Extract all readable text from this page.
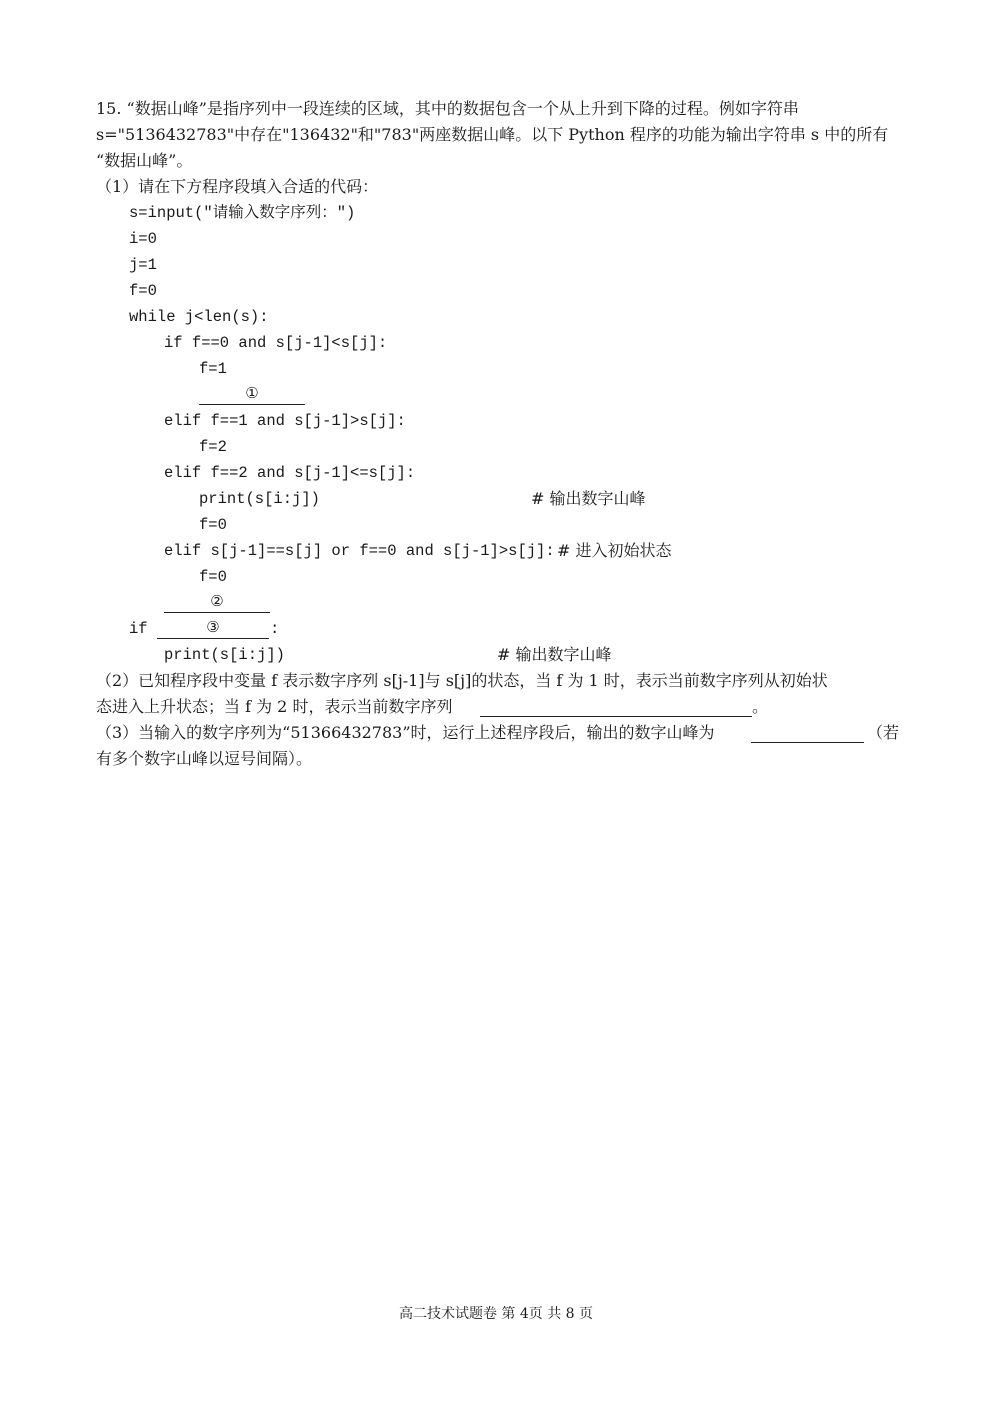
15. “数据山峰”是指序列中一段连续的区域，其中的数据包含一个从上升到下降的过程。例如字符串
s="5136432783"中存在"136432"和"783"两座数据山峰。以下 Python 程序的功能为输出字符串 s 中的所有
“数据山峰”。
（1）请在下方程序段填入合适的代码：
s=input("请输入数字序列：")
i=0
j=1
f=0
while j<len(s):
if f==0 and s[j-1]<s[j]:
f=1
①
elif f==1 and s[j-1]>s[j]:
f=2
elif f==2 and s[j-1]<=s[j]:
print(s[i:j])	# 输出数字山峰
f=0
elif s[j-1]==s[j] or f==0 and s[j-1]>s[j]: # 进入初始状态
f=0
②
if	③	:
print(s[i:j])	# 输出数字山峰
（2）已知程序段中变量 f 表示数字序列 s[j-1]与 s[j]的状态，当 f 为 1 时，表示当前数字序列从初始状
态进入上升状态；当 f 为 2 时，表示当前数字序列	。
（3）当输入的数字序列为“51366432783”时，运行上述程序段后，输出的数字山峰为	（若
有多个数字山峰以逗号间隔）。
高二技术试题卷 第 4页 共 8 页
